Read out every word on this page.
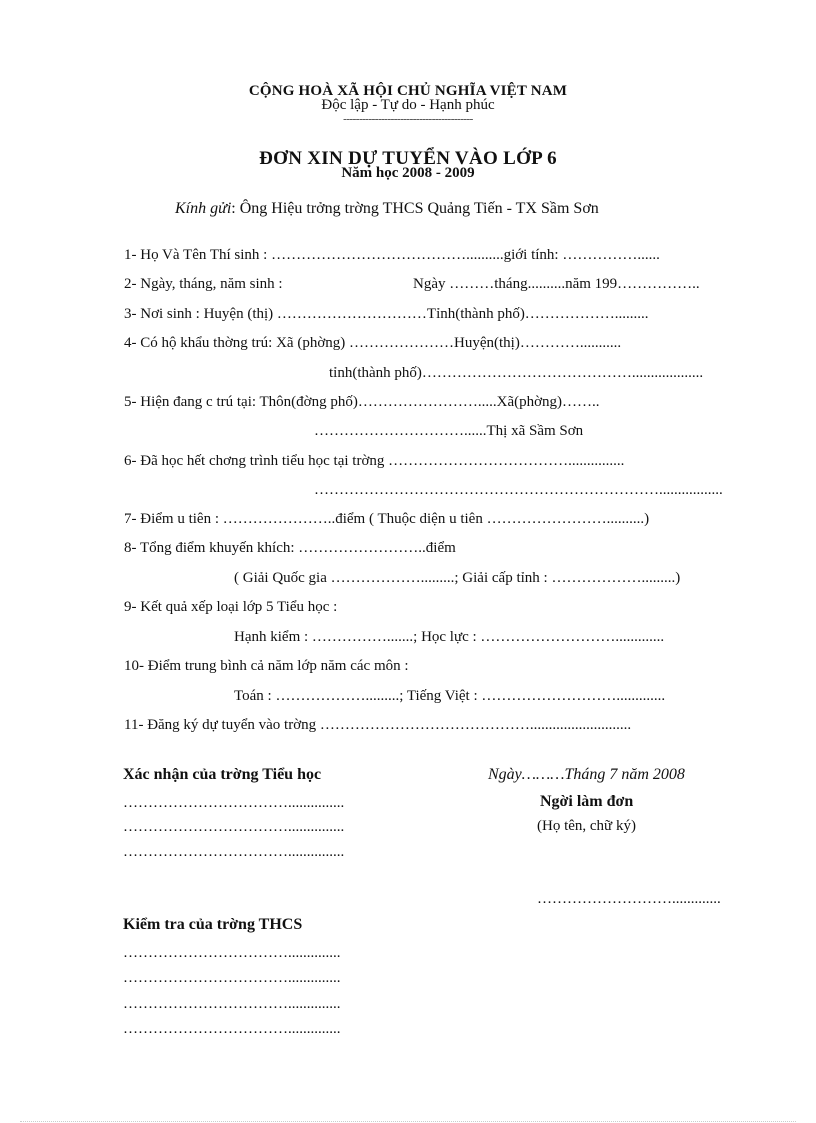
CỘNG HOÀ XÃ HỘI CHỦ NGHĨA VIỆT NAM
Độc lập - Tự do - Hạnh phúc
-----------------------------------------
ĐƠN XIN DỰ TUYỂN VÀO LỚP 6
Năm học 2008 - 2009
Kính gửi: Ông Hiệu trởng trờng THCS Quảng Tiến - TX Sầm Sơn
1- Họ Và Tên Thí sinh : …………………………………..........giới tính: ……………......
2- Ngày, tháng, năm sinh :	Ngày ………tháng..........năm 199……………..
3- Nơi sinh : Huyện (thị) …………………………Tỉnh(thành phố)……………….........
4- Có hộ khẩu thờng trú: Xã (phờng) …………………Huyện(thị)…………...........
tỉnh(thành phố)……………………………………...................
5- Hiện đang c trú tại: Thôn(đờng phố)…………………….....Xã(phờng)……..
…………………………......Thị xã Sầm Sơn
6- Đã học hết chơng trình tiểu học tại trờng ………………………………...............
…………………………………………………………….................
7- Điểm u tiên : …………………..điểm ( Thuộc diện u tiên ……………………..........)
8- Tổng điểm khuyến khích: ……………………..điểm
( Giải Quốc gia ……………….........; Giải cấp tỉnh : ……………….........)
9- Kết quả xếp loại lớp 5 Tiểu học :
Hạnh kiểm : …………….......; Học lực : ……………………….............
10- Điểm trung bình cả năm lớp năm các môn :
Toán : ……………….........; Tiếng Việt : ……………………….............
11- Đăng ký dự tuyển vào trờng ……………………………………...........................
Xác nhận của trờng Tiểu học
……………………………...............
……………………………...............
……………………………...............
Ngày………Tháng 7 năm 2008
Ngời làm đơn
(Họ tên, chữ ký)
……………………….............
Kiểm tra của trờng THCS
……………………………..............
……………………………..............
……………………………..............
……………………………..............
